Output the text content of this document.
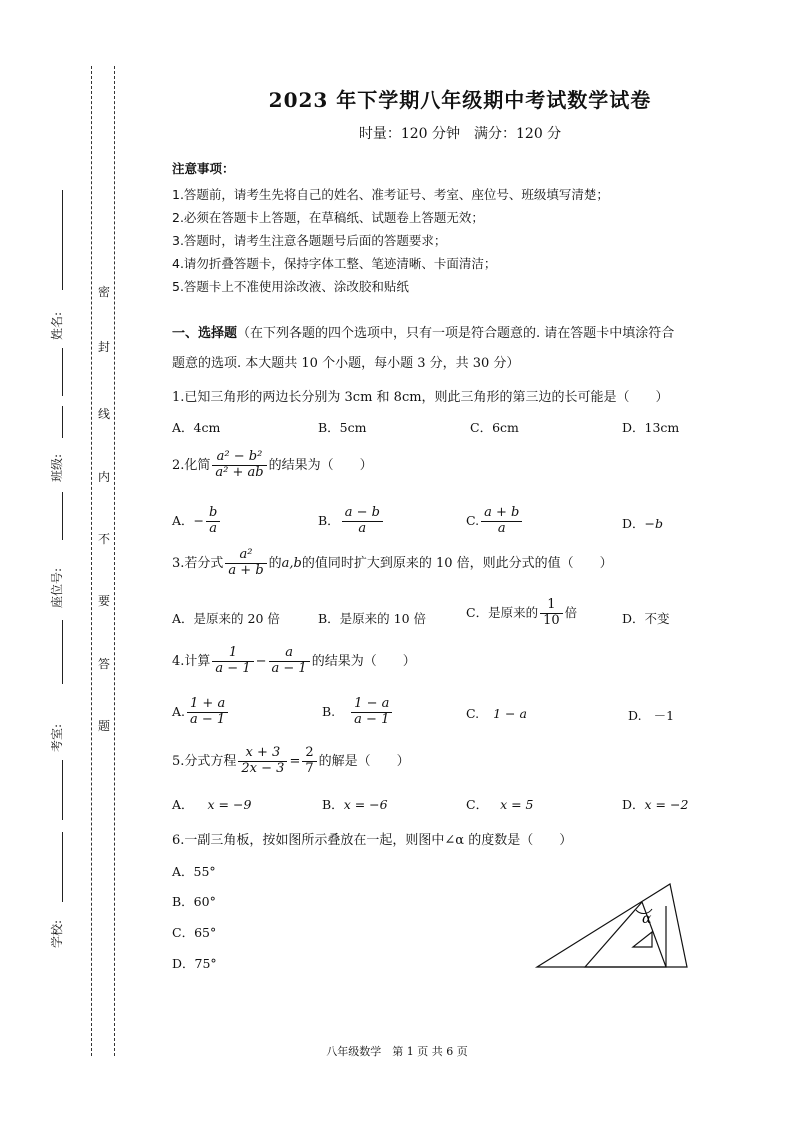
姓名:
班级:
座位号:
考室:
学校:
密
封
线
内
不
要
答
题
2023 年下学期八年级期中考试数学试卷
时量：120 分钟　满分：120 分
注意事项：
1.答题前，请考生先将自己的姓名、准考证号、考室、座位号、班级填写清楚；
2.必须在答题卡上答题，在草稿纸、试题卷上答题无效；
3.答题时，请考生注意各题题号后面的答题要求；
4.请勿折叠答题卡，保持字体工整、笔迹清晰、卡面清洁；
5.答题卡上不准使用涂改液、涂改胶和贴纸
一、选择题（在下列各题的四个选项中，只有一项是符合题意的. 请在答题卡中填涂符合
题意的选项. 本大题共 10 个小题，每小题 3 分，共 30 分）
1.已知三角形的两边长分别为 3cm 和 8cm，则此三角形的第三边的长可能是（　　）
A．4cm	B．5cm	C．6cm	D．13cm
2.化简 $\frac{\text{a² − b²}}{\text{a² + ab}}$ 的结果为（　　）
A．− $\frac{b}{a}$	B． $\frac{a - b}{a}$	C. $\frac{a + b}{a}$	D．−b
3.若分式 $\frac{\text{a²}}{a + b}$ 的a,b的值同时扩大到原来的 10 倍，则此分式的值（　　）
A．是原来的 20 倍	B．是原来的 10 倍	C．是原来的 $\frac{1}{10}$ 倍	D．不变
4.计算 $\frac{1}{a - 1} - \frac{a}{a - 1}$ 的结果为（　　）
A. $\frac{1 + a}{a - 1}$	B. $\frac{1 - a}{a - 1}$	C. 1 − a	D. －1
5.分式方程 $\frac{x + 3}{2x - 3} = \frac{2}{7}$ 的解是（　　）
A． x = −9	B．x = −6	C． x = 5	D．x = −2
6.一副三角板，按如图所示叠放在一起，则图中∠α 的度数是（　　）
A．55°
B．60°
C．65°
D．75°
α
八年级数学　第 1 页 共 6 页
